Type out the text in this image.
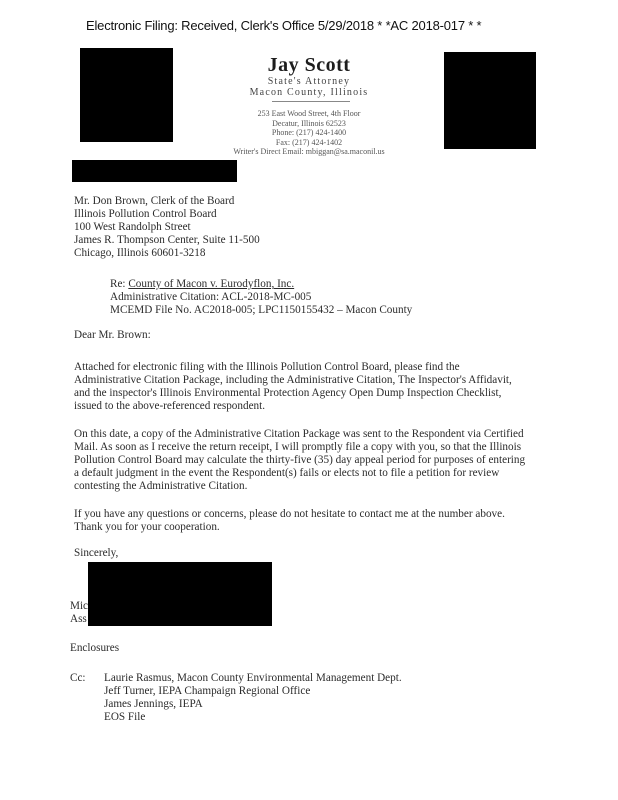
Electronic Filing: Received, Clerk's Office 5/29/2018 * *AC 2018-017 * *
Jay Scott
State's Attorney
Macon County, Illinois
253 East Wood Street, 4th Floor
Decatur, Illinois 62523
Phone: (217) 424-1400
Fax: (217) 424-1402
Writer's Direct Email: mbiggan@sa.maconil.us
Mr. Don Brown, Clerk of the Board
Illinois Pollution Control Board
100 West Randolph Street
James R. Thompson Center, Suite 11-500
Chicago, Illinois 60601-3218
Re: County of Macon v. Eurodyflon, Inc.
Administrative Citation: ACL-2018-MC-005
MCEMD File No. AC2018-005; LPC1150155432 – Macon County
Dear Mr. Brown:
Attached for electronic filing with the Illinois Pollution Control Board, please find the
Administrative Citation Package, including the Administrative Citation, The Inspector's Affidavit,
and the inspector's Illinois Environmental Protection Agency Open Dump Inspection Checklist,
issued to the above-referenced respondent.
On this date, a copy of the Administrative Citation Package was sent to the Respondent via Certified
Mail. As soon as I receive the return receipt, I will promptly file a copy with you, so that the Illinois
Pollution Control Board may calculate the thirty-five (35) day appeal period for purposes of entering
a default judgment in the event the Respondent(s) fails or elects not to file a petition for review
contesting the Administrative Citation.
If you have any questions or concerns, please do not hesitate to contact me at the number above.
Thank you for your cooperation.
Sincerely,
Mic
Ass
Enclosures
Cc: Laurie Rasmus, Macon County Environmental Management Dept.
Jeff Turner, IEPA Champaign Regional Office
James Jennings, IEPA
EOS File
